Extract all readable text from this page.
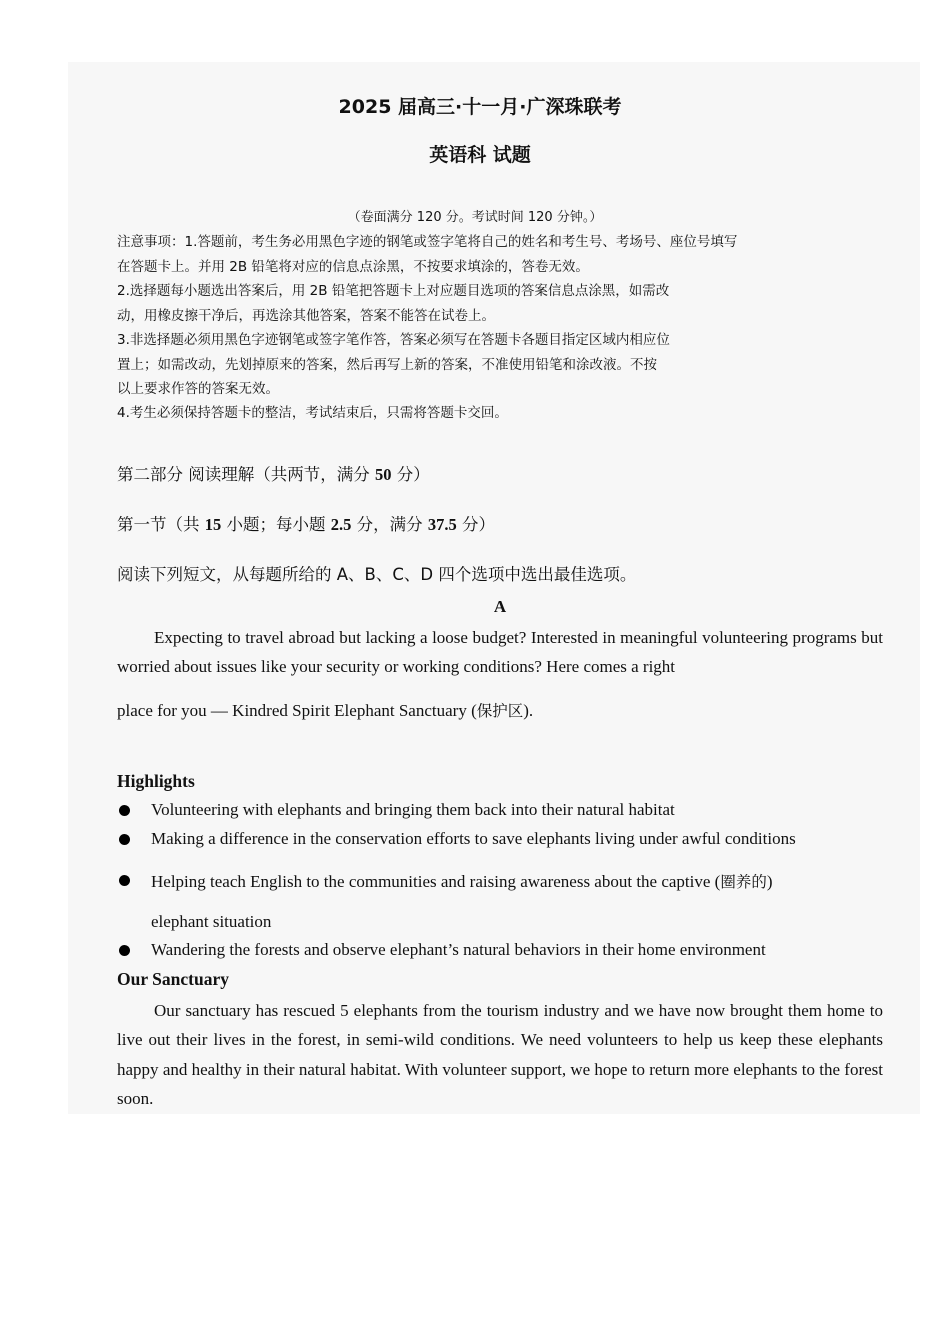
2025 届高三·十一月·广深珠联考
英语科 试题
（卷面满分 120 分。考试时间 120 分钟。）
注意事项：1.答题前，考生务必用黑色字迹的钢笔或签字笔将自己的姓名和考生号、考场号、座位号填写
在答题卡上。并用 2B 铅笔将对应的信息点涂黑，不按要求填涂的，答卷无效。
2.选择题每小题选出答案后，用 2B 铅笔把答题卡上对应题目选项的答案信息点涂黑，如需改
动，用橡皮擦干净后，再选涂其他答案，答案不能答在试卷上。
3.非选择题必须用黑色字迹钢笔或签字笔作答，答案必须写在答题卡各题目指定区域内相应位
置上；如需改动，先划掉原来的答案，然后再写上新的答案，不准使用铅笔和涂改液。不按
以上要求作答的答案无效。
4.考生必须保持答题卡的整洁，考试结束后，只需将答题卡交回。
第二部分 阅读理解（共两节，满分 50 分）
第一节（共 15 小题；每小题 2.5 分，满分 37.5 分）
阅读下列短文，从每题所给的 A、B、C、D 四个选项中选出最佳选项。
A
Expecting to travel abroad but lacking a loose budget? Interested in meaningful volunteering programs but worried about issues like your security or working conditions? Here comes a right
place for you — Kindred Spirit Elephant Sanctuary (保护区).
Highlights
Volunteering with elephants and bringing them back into their natural habitat
Making a difference in the conservation efforts to save elephants living under awful conditions
Helping teach English to the communities and raising awareness about the captive (圈养的)
elephant situation
Wandering the forests and observe elephant’s natural behaviors in their home environment
Our Sanctuary
Our sanctuary has rescued 5 elephants from the tourism industry and we have now brought them home to live out their lives in the forest, in semi-wild conditions. We need volunteers to help us keep these elephants happy and healthy in their natural habitat. With volunteer support, we hope to return more elephants to the forest soon.
